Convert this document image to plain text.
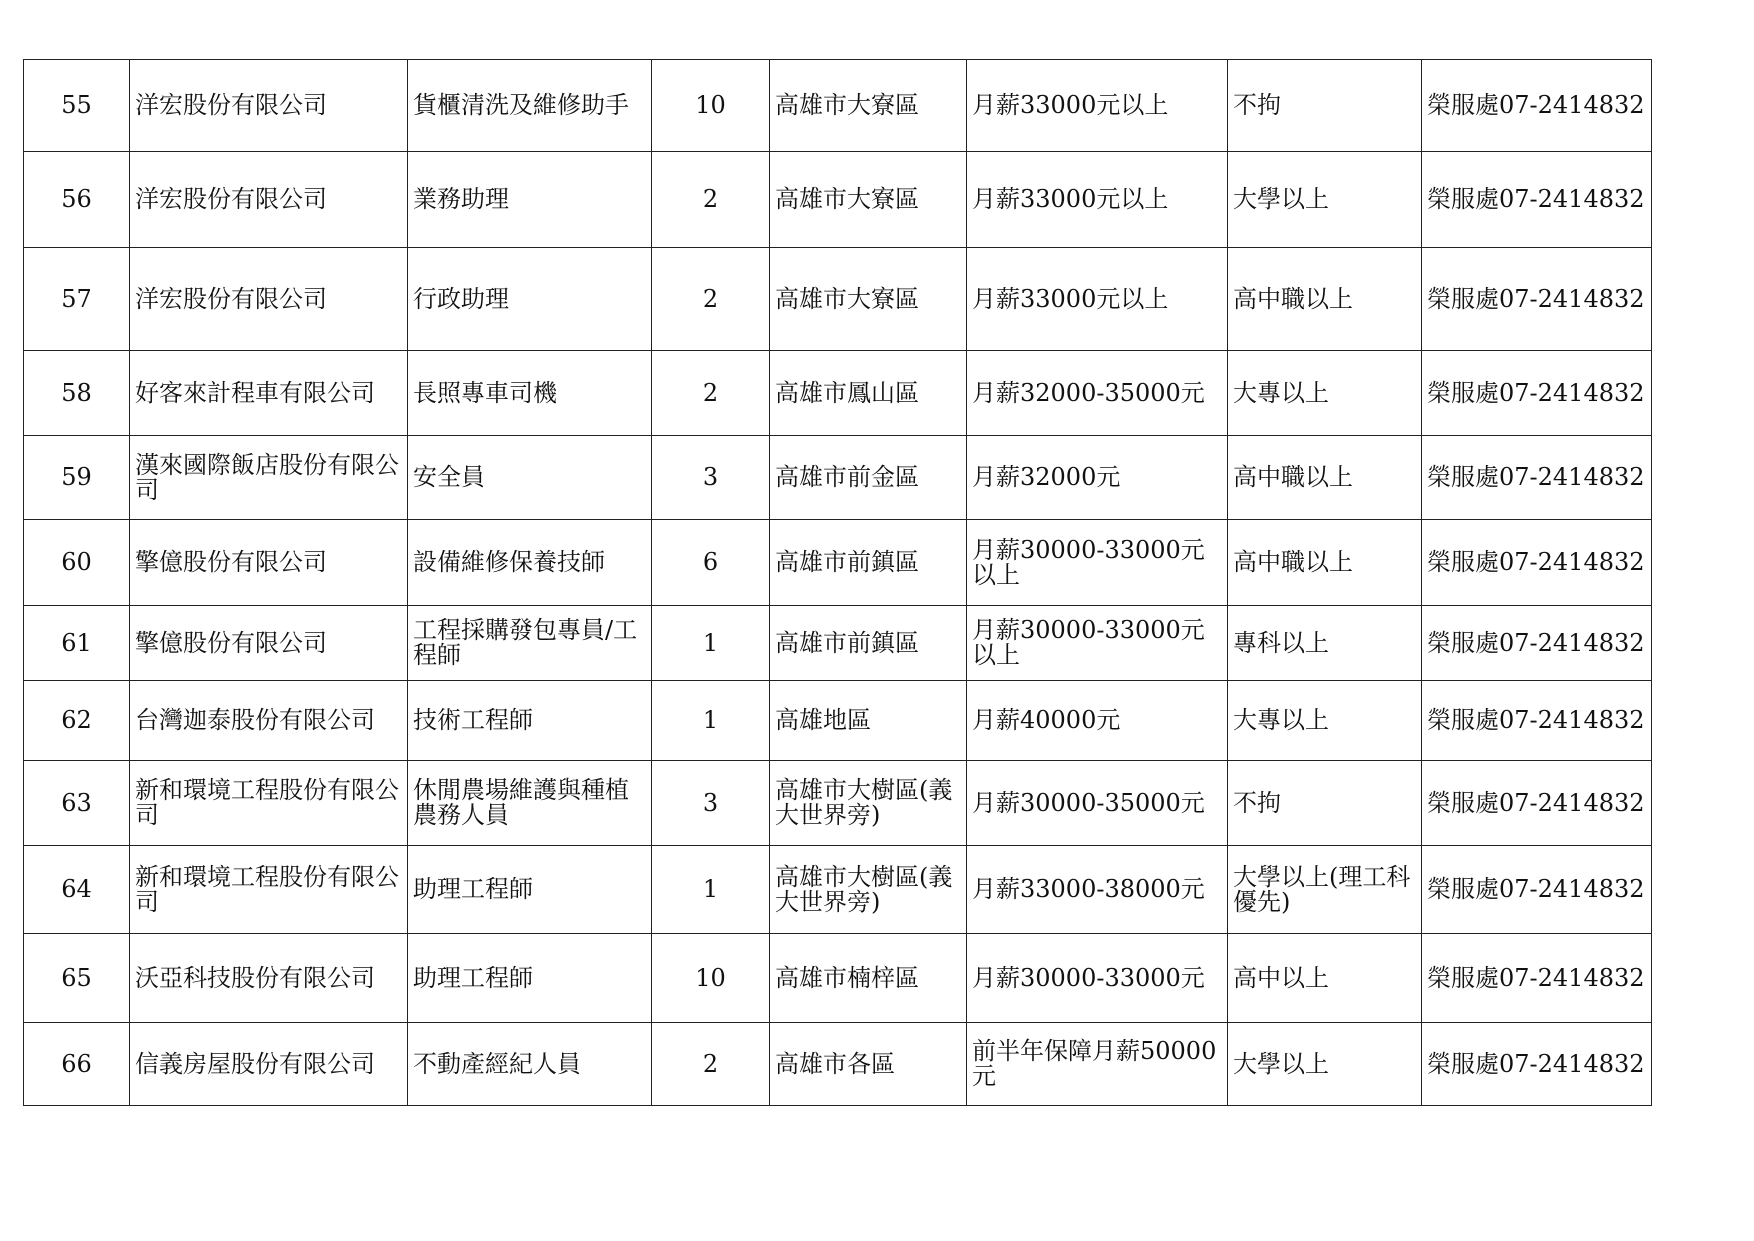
55	洋宏股份有限公司	貨櫃清洗及維修助手	10	高雄市大寮區	月薪33000元以上	不拘	榮服處07-2414832
56	洋宏股份有限公司	業務助理	2	高雄市大寮區	月薪33000元以上	大學以上	榮服處07-2414832
57	洋宏股份有限公司	行政助理	2	高雄市大寮區	月薪33000元以上	高中職以上	榮服處07-2414832
58	好客來計程車有限公司	長照專車司機	2	高雄市鳳山區	月薪32000-35000元	大專以上	榮服處07-2414832
59	漢來國際飯店股份有限公司	安全員	3	高雄市前金區	月薪32000元	高中職以上	榮服處07-2414832
60	擎億股份有限公司	設備維修保養技師	6	高雄市前鎮區	月薪30000-33000元以上	高中職以上	榮服處07-2414832
61	擎億股份有限公司	工程採購發包專員/工程師	1	高雄市前鎮區	月薪30000-33000元以上	專科以上	榮服處07-2414832
62	台灣迦泰股份有限公司	技術工程師	1	高雄地區	月薪40000元	大專以上	榮服處07-2414832
63	新和環境工程股份有限公司	休閒農場維護與種植農務人員	3	高雄市大樹區(義大世界旁)	月薪30000-35000元	不拘	榮服處07-2414832
64	新和環境工程股份有限公司	助理工程師	1	高雄市大樹區(義大世界旁)	月薪33000-38000元	大學以上(理工科優先)	榮服處07-2414832
65	沃亞科技股份有限公司	助理工程師	10	高雄市楠梓區	月薪30000-33000元	高中以上	榮服處07-2414832
66	信義房屋股份有限公司	不動產經紀人員	2	高雄市各區	前半年保障月薪50000元	大學以上	榮服處07-2414832
